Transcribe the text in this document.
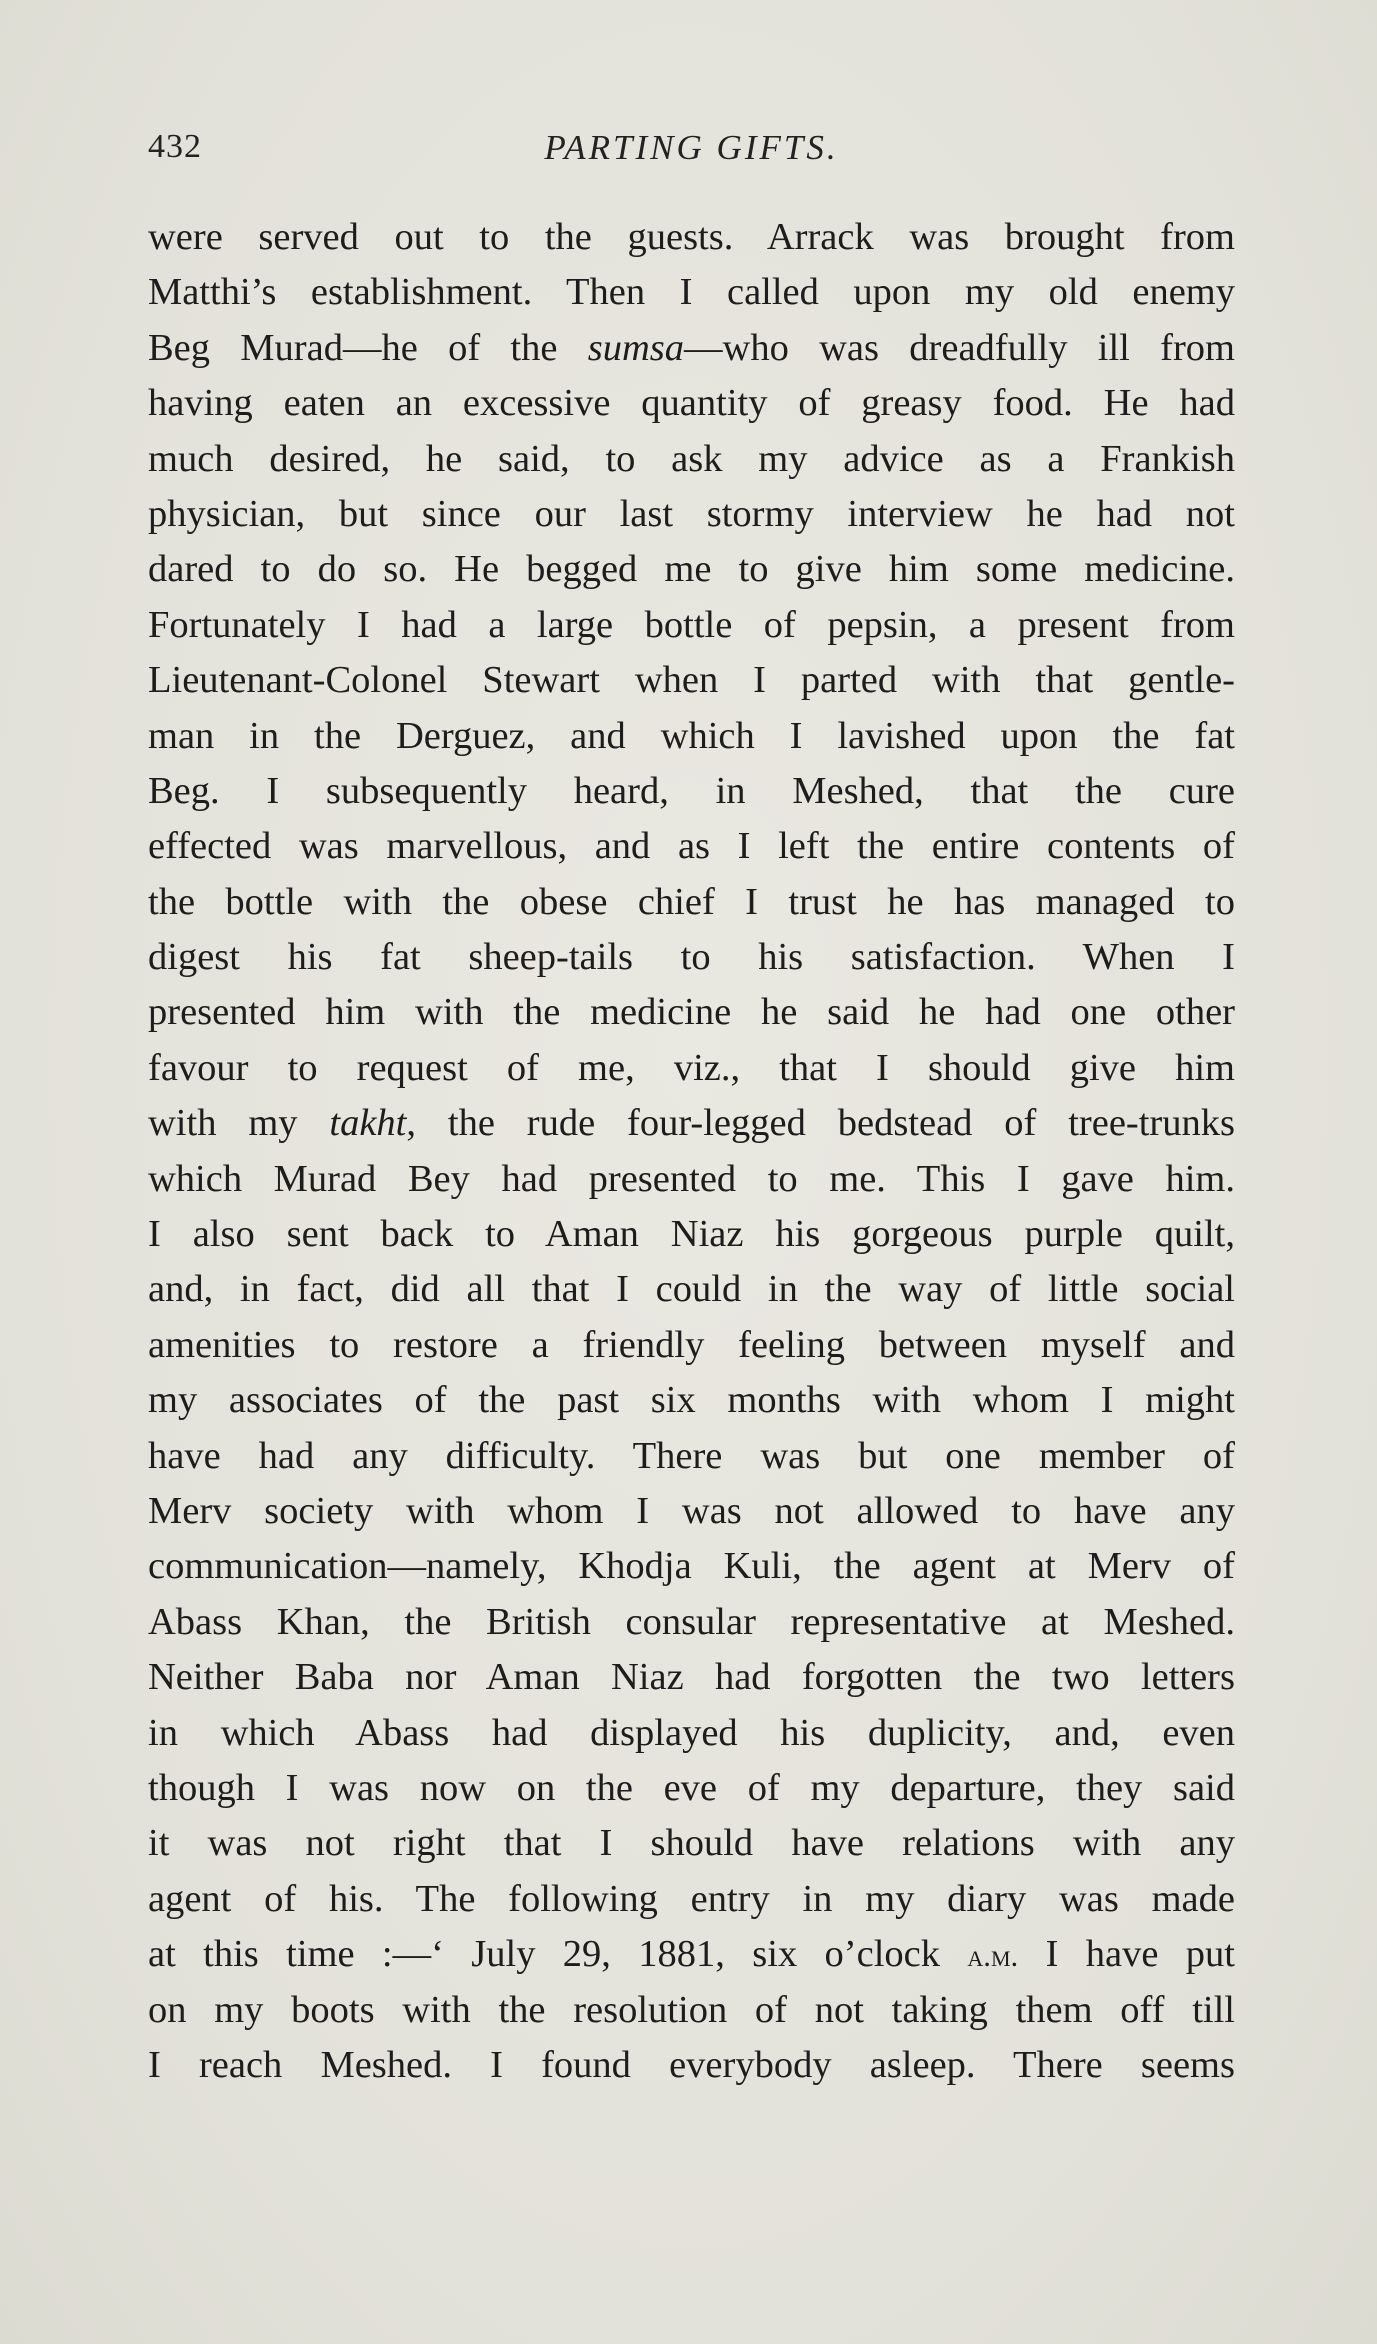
432	PARTING GIFTS.
were served out to the guests. Arrack was brought from
Matthi’s establishment. Then I called upon my old enemy
Beg Murad—he of the sumsa—who was dreadfully ill from
having eaten an excessive quantity of greasy food. He had
much desired, he said, to ask my advice as a Frankish
physician, but since our last stormy interview he had not
dared to do so. He begged me to give him some medicine.
Fortunately I had a large bottle of pepsin, a present from
Lieutenant-Colonel Stewart when I parted with that gentle-
man in the Derguez, and which I lavished upon the fat
Beg. I subsequently heard, in Meshed, that the cure
effected was marvellous, and as I left the entire contents of
the bottle with the obese chief I trust he has managed to
digest his fat sheep-tails to his satisfaction. When I
presented him with the medicine he said he had one other
favour to request of me, viz., that I should give him
with my takht, the rude four-legged bedstead of tree-trunks
which Murad Bey had presented to me. This I gave him.
I also sent back to Aman Niaz his gorgeous purple quilt,
and, in fact, did all that I could in the way of little social
amenities to restore a friendly feeling between myself and
my associates of the past six months with whom I might
have had any difficulty. There was but one member of
Merv society with whom I was not allowed to have any
communication—namely, Khodja Kuli, the agent at Merv of
Abass Khan, the British consular representative at Meshed.
Neither Baba nor Aman Niaz had forgotten the two letters
in which Abass had displayed his duplicity, and, even
though I was now on the eve of my departure, they said
it was not right that I should have relations with any
agent of his. The following entry in my diary was made
at this time :—‘ July 29, 1881, six o’clock a.m. I have put
on my boots with the resolution of not taking them off till
I reach Meshed. I found everybody asleep. There seems
